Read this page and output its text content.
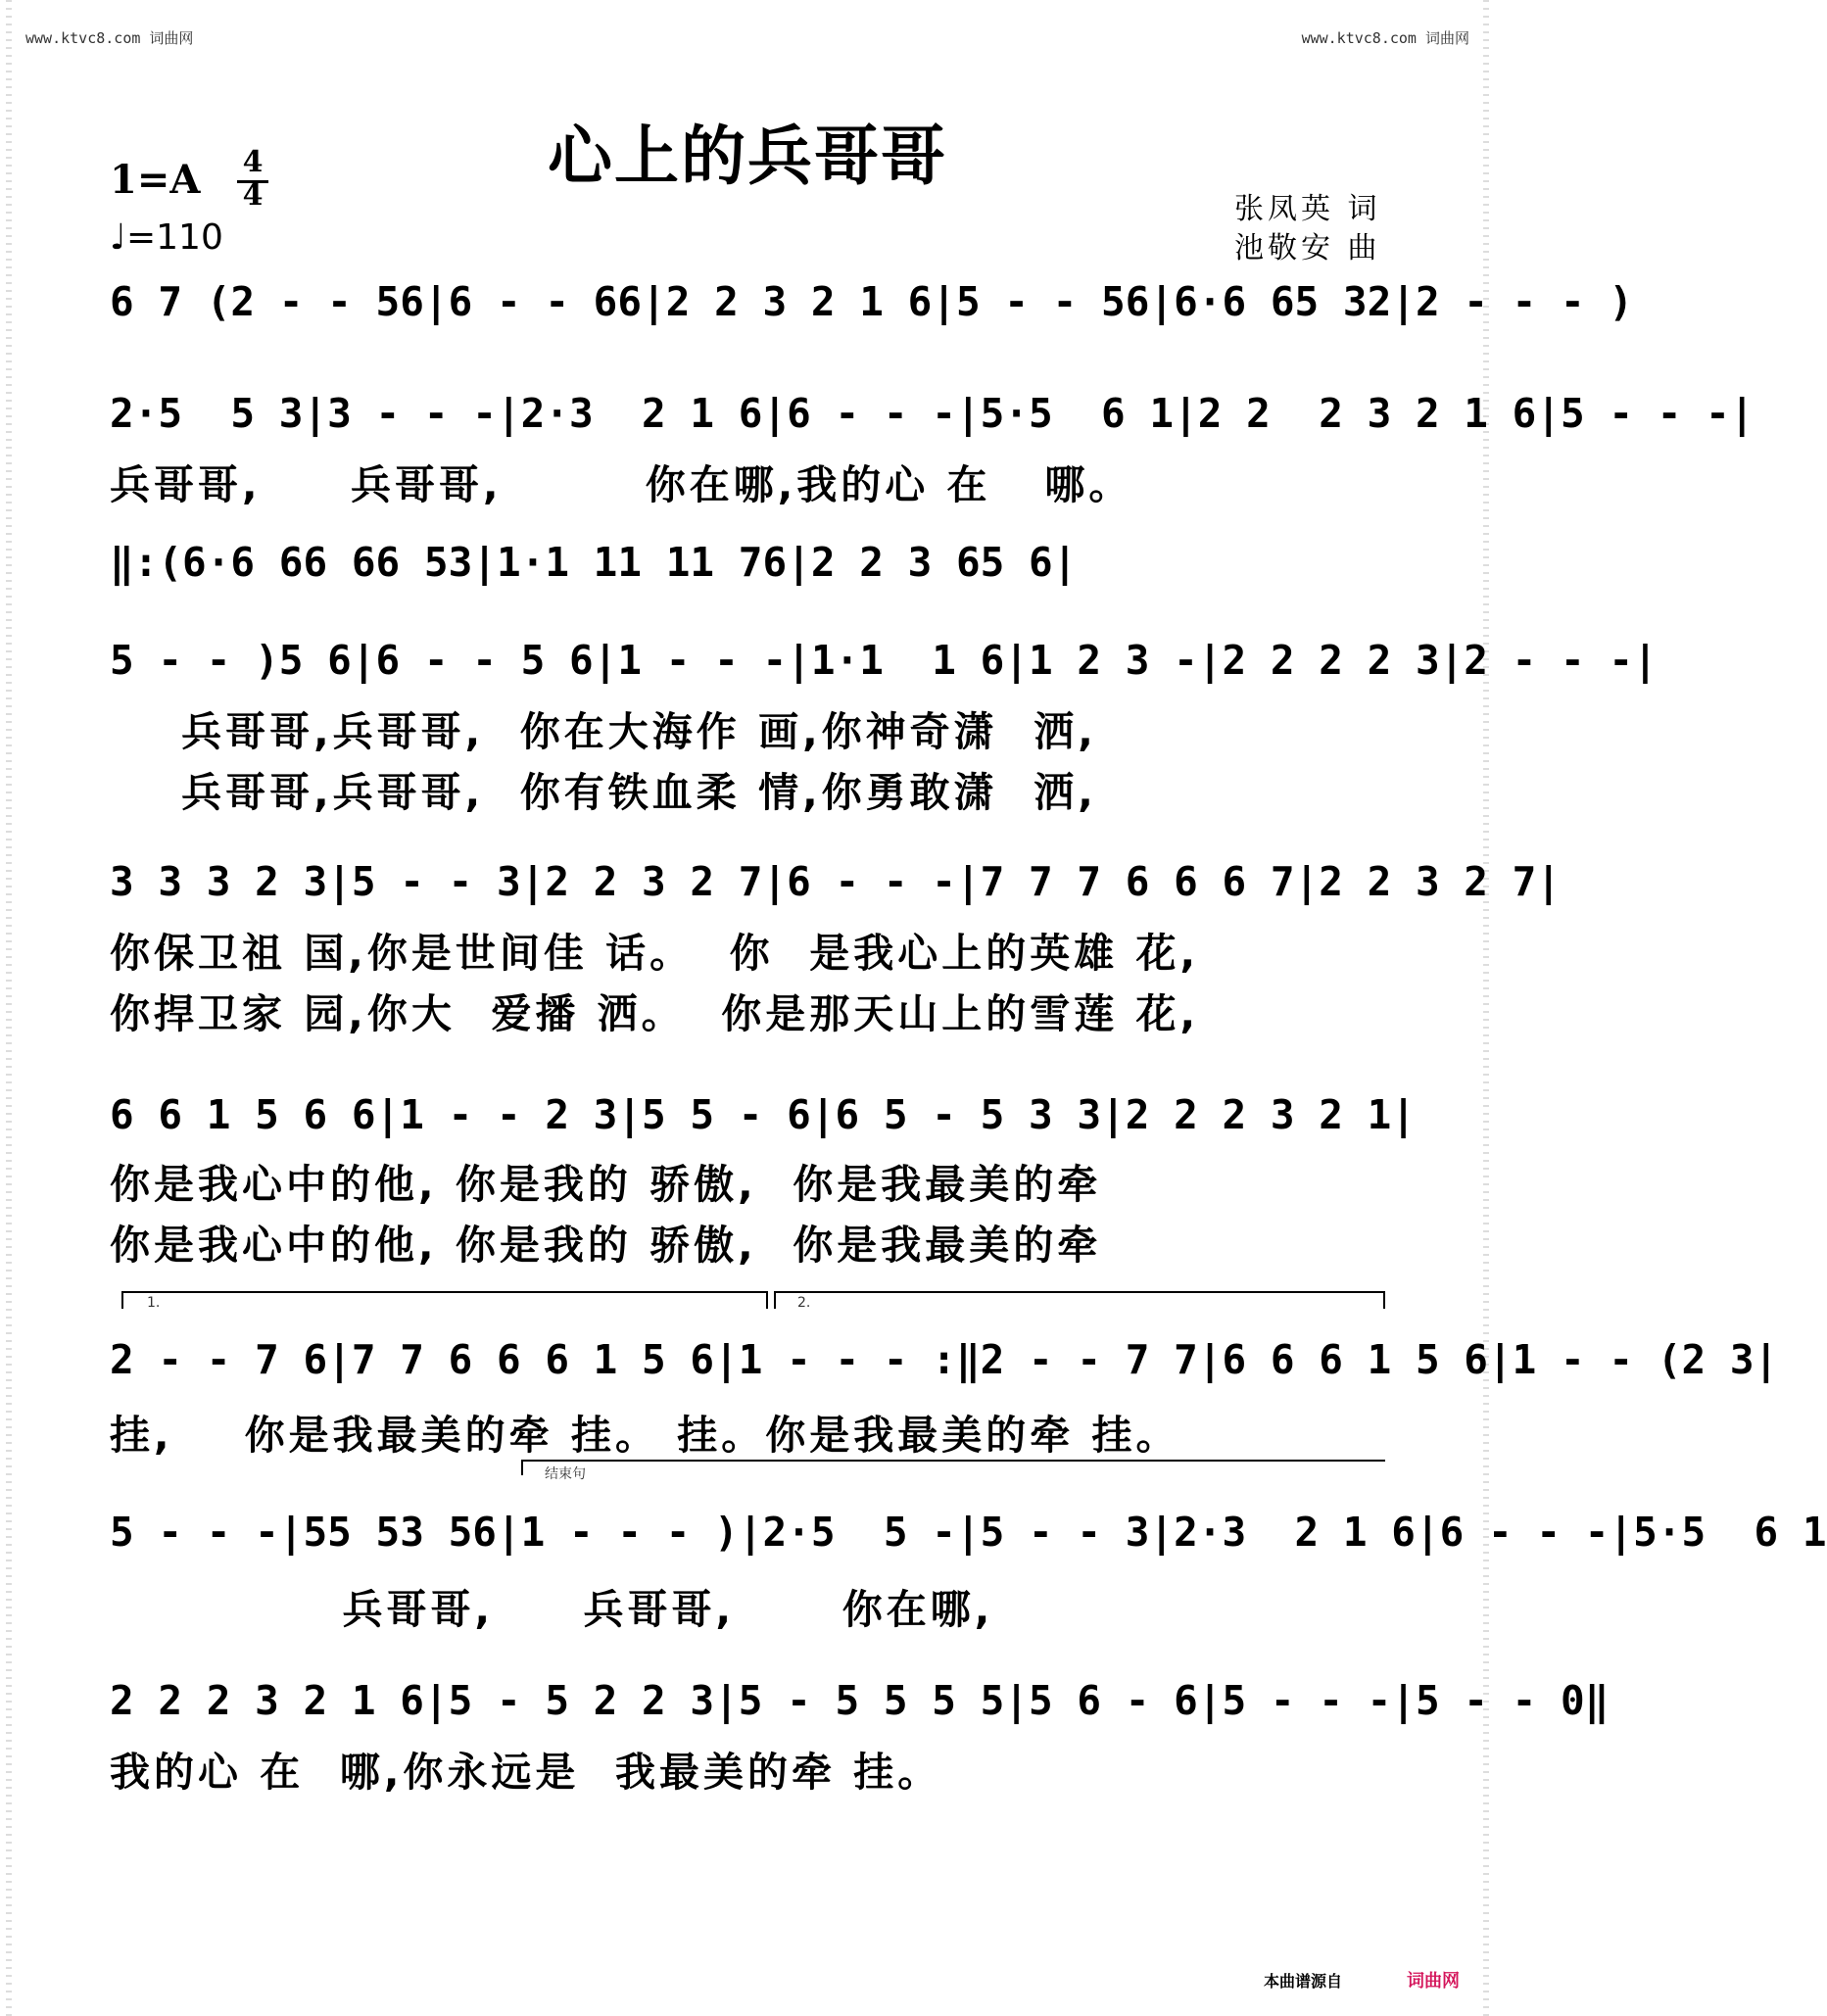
www.ktvc8.com 词曲网	www.ktvc8.com 词曲网
心上的兵哥哥
1=A	4
4
♩=110
张凤英 词
池敬安 曲
6 7 (2 - - 56|6 - - 66|2 2 3 2 1 6|5 - - 56|6·6 65 32|2 - - - )
2·5  5 3|3 - - -|2·3  2 1 6|6 - - -|5·5  6 1|2 2  2 3 2 1 6|5 - - -|
兵哥哥,     兵哥哥,        你在哪,我的心 在   哪。
‖:(6·6 66 66 53|1·1 11 11 76|2 2 3 65 6|
5 - - )5 6|6 - - 5 6|1 - - -|1·1  1 6|1 2 3 -|2 2 2 2 3|2 - - -|
兵哥哥,兵哥哥,  你在大海作 画,你神奇潇  洒,
兵哥哥,兵哥哥,  你有铁血柔 情,你勇敢潇  洒,
3 3 3 2 3|5 - - 3|2 2 3 2 7|6 - - -|7 7 7 6 6 6 7|2 2 3 2 7|
你保卫祖 国,你是世间佳 话。  你  是我心上的英雄 花,
你捍卫家 园,你大  爱播 洒。  你是那天山上的雪莲 花,
6 6 1 5 6 6|1 - - 2 3|5 5 - 6|6 5 - 5 3 3|2 2 2 3 2 1|
你是我心中的他, 你是我的 骄傲,  你是我最美的牵
你是我心中的他, 你是我的 骄傲,  你是我最美的牵
1.	2.
2 - - 7 6|7 7 6 6 6 1 5 6|1 - - - :‖2 - - 7 7|6 6 6 1 5 6|1 - - (2 3|
挂,    你是我最美的牵 挂。 挂。你是我最美的牵 挂。
结束句
5 - - -|55 53 56|1 - - - )|2·5  5 -|5 - - 3|2·3  2 1 6|6 - - -|5·5  6 1
兵哥哥,     兵哥哥,      你在哪,
2 2 2 3 2 1 6|5 - 5 2 2 3|5 - 5 5 5 5|5 6 - 6|5 - - -|5 - - 0‖
我的心 在  哪,你永远是  我最美的牵 挂。
本曲谱源自	词曲网
